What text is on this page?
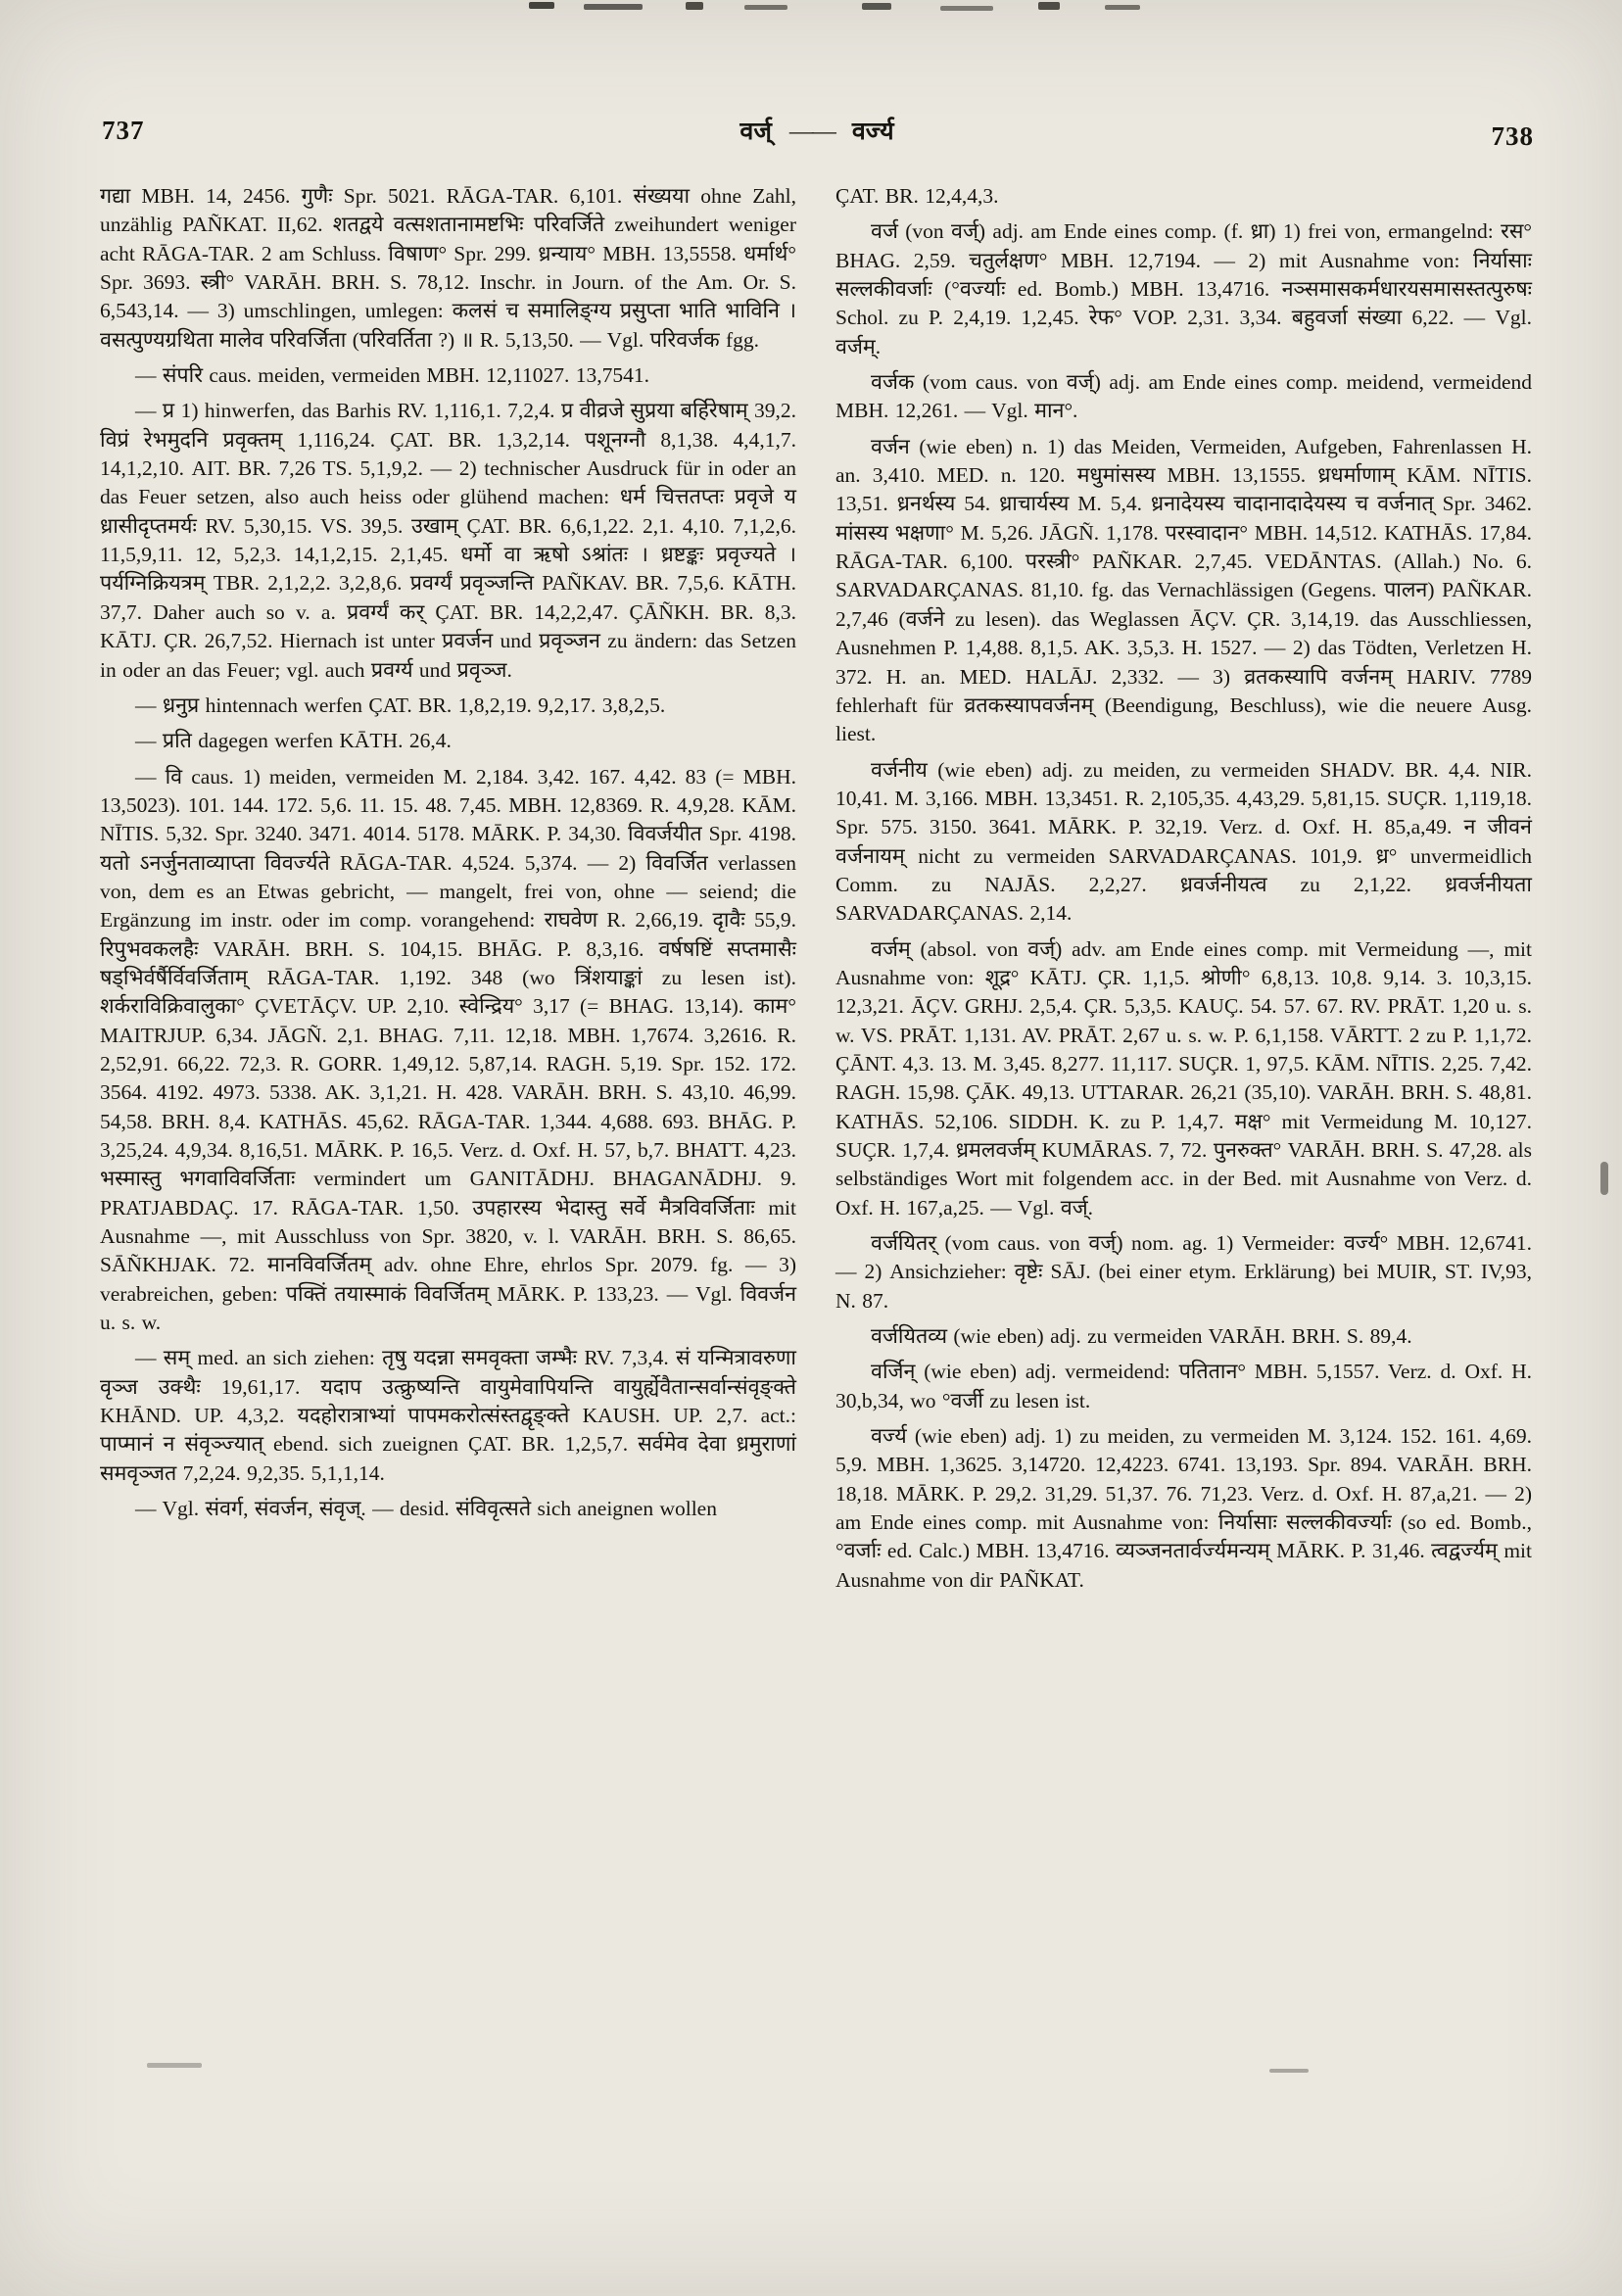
737	वर्ज् —— वर्ज्य	738

गद्या MBH. 14, 2456. गुणैः Spr. 5021. RĀGA-TAR. 6,101. संख्यया ohne Zahl, unzählig PAÑKAT. II,62. शतद्वये वत्सशतानामष्टभिः परिवर्जिते zweihundert weniger acht RĀGA-TAR. 2 am Schluss. विषाण° Spr. 299. ध्रन्याय° MBH. 13,5558. धर्मार्थ° Spr. 3693. स्त्री° VARĀH. BRH. S. 78,12. Inschr. in Journ. of the Am. Or. S. 6,543,14. — 3) umschlingen, umlegen: कलसं च समालिङ्ग्य प्रसुप्ता भाति भाविनि । वसत्पुण्यग्रथिता मालेव परिवर्जिता (परिवर्तिता ?) ॥ R. 5,13,50. — Vgl. परिवर्जक fgg.

— संपरि caus. meiden, vermeiden MBH. 12,11027. 13,7541.

— प्र 1) hinwerfen, das Barhis RV. 1,116,1. 7,2,4. प्र वीव्रजे सुप्रया बर्हिरेषाम् 39,2. विप्रं रेभमुदनि प्रवृक्तम् 1,116,24. ÇAT. BR. 1,3,2,14. पशूनग्नौ 8,1,38. 4,4,1,7. 14,1,2,10. AIT. BR. 7,26 TS. 5,1,9,2. — 2) technischer Ausdruck für in oder an das Feuer setzen, also auch heiss oder glühend machen: धर्म चित्ततप्तः प्रवृजे य ध्रासीदृप्तमर्यः RV. 5,30,15. VS. 39,5. उखाम् ÇAT. BR. 6,6,1,22. 2,1. 4,10. 7,1,2,6. 11,5,9,11. 12, 5,2,3. 14,1,2,15. 2,1,45. धर्मो वा ऋषो ऽश्रांतः । ध्रष्टङ्कः प्रवृज्यते । पर्यग्निक्रियत्रम् TBR. 2,1,2,2. 3,2,8,6. प्रवर्ग्यं प्रवृञ्जन्ति PAÑKAV. BR. 7,5,6. KĀTH. 37,7. Daher auch so v. a. प्रवर्ग्यं कर् ÇAT. BR. 14,2,2,47. ÇĀÑKH. BR. 8,3. KĀTJ. ÇR. 26,7,52. Hiernach ist unter प्रवर्जन und प्रवृञ्जन zu ändern: das Setzen in oder an das Feuer; vgl. auch प्रवर्ग्य und प्रवृञ्ज.

— ध्रनुप्र hintennach werfen ÇAT. BR. 1,8,2,19. 9,2,17. 3,8,2,5.

— प्रति dagegen werfen KĀTH. 26,4.

— वि caus. 1) meiden, vermeiden M. 2,184. 3,42. 167. 4,42. 83 (= MBH. 13,5023). 101. 144. 172. 5,6. 11. 15. 48. 7,45. MBH. 12,8369. R. 4,9,28. KĀM. NĪTIS. 5,32. Spr. 3240. 3471. 4014. 5178. MĀRK. P. 34,30. विवर्जयीत Spr. 4198. यतो ऽनर्जुनताव्याप्ता विवर्ज्यते RĀGA-TAR. 4,524. 5,374. — 2) विवर्जित verlassen von, dem es an Etwas gebricht, — mangelt, frei von, ohne — seiend; die Ergänzung im instr. oder im comp. vorangehend: राघवेण R. 2,66,19. दृावैः 55,9. रिपुभवकलहैः VARĀH. BRH. S. 104,15. BHĀG. P. 8,3,16. वर्षषष्टिं सप्तमासैः षड्भिर्वर्षैर्विवर्जिताम् RĀGA-TAR. 1,192. 348 (wo त्रिंशयाङ्कां zu lesen ist). शर्कराविक्रिवालुका° ÇVETĀÇV. UP. 2,10. स्वेन्द्रिय° 3,17 (= BHAG. 13,14). काम° MAITRJUP. 6,34. JĀGÑ. 2,1. BHAG. 7,11. 12,18. MBH. 1,7674. 3,2616. R. 2,52,91. 66,22. 72,3. R. GORR. 1,49,12. 5,87,14. RAGH. 5,19. Spr. 152. 172. 3564. 4192. 4973. 5338. AK. 3,1,21. H. 428. VARĀH. BRH. S. 43,10. 46,99. 54,58. BRH. 8,4. KATHĀS. 45,62. RĀGA-TAR. 1,344. 4,688. 693. BHĀG. P. 3,25,24. 4,9,34. 8,16,51. MĀRK. P. 16,5. Verz. d. Oxf. H. 57, b,7. BHATT. 4,23. भस्मास्तु भगवाविवर्जिताः vermindert um GANITĀDHJ. BHAGANĀDHJ. 9. PRATJABDAÇ. 17. RĀGA-TAR. 1,50. उपहारस्य भेदास्तु सर्वे मैत्रविवर्जिताः mit Ausnahme —, mit Ausschluss von Spr. 3820, v. l. VARĀH. BRH. S. 86,65. SĀÑKHJAK. 72. मानविवर्जितम् adv. ohne Ehre, ehrlos Spr. 2079. fg. — 3) verabreichen, geben: पक्तिं तयास्माकं विवर्जितम् MĀRK. P. 133,23. — Vgl. विवर्जन u. s. w.

— सम् med. an sich ziehen: तृषु यदन्ना समवृक्ता जम्भैः RV. 7,3,4. सं यन्मित्रावरुणा वृञ्ज उक्थैः 19,61,17. यदाप उत्क्रुष्यन्ति वायुमेवापियन्ति वायुर्ह्येवैतान्सर्वान्संवृङ्क्ते KHĀND. UP. 4,3,2. यदहोरात्राभ्यां पापमकरोत्संस्तद्वृङ्क्ते KAUSH. UP. 2,7. act.: पाप्मानं न संवृञ्ज्यात् ebend. sich zueignen ÇAT. BR. 1,2,5,7. सर्वमेव देवा ध्रमुराणां समवृञ्जत 7,2,24. 9,2,35. 5,1,1,14.

— Vgl. संवर्ग, संवर्जन, संवृज्. — desid. संविवृत्सते sich aneignen wollen

ÇAT. BR. 12,4,4,3.

वर्ज (von वर्ज्) adj. am Ende eines comp. (f. ध्रा) 1) frei von, ermangelnd: रस° BHAG. 2,59. चतुर्लक्षण° MBH. 12,7194. — 2) mit Ausnahme von: निर्यासाः सल्लकीवर्जाः (°वर्ज्याः ed. Bomb.) MBH. 13,4716. नञ्समासकर्मधारयसमासस्तत्पुरुषः Schol. zu P. 2,4,19. 1,2,45. रेफ° VOP. 2,31. 3,34. बहुवर्जा संख्या 6,22. — Vgl. वर्जम्.

वर्जक (vom caus. von वर्ज्) adj. am Ende eines comp. meidend, vermeidend MBH. 12,261. — Vgl. मान°.

वर्जन (wie eben) n. 1) das Meiden, Vermeiden, Aufgeben, Fahrenlassen H. an. 3,410. MED. n. 120. मधुमांसस्य MBH. 13,1555. ध्रधर्माणाम् KĀM. NĪTIS. 13,51. ध्रनर्थस्य 54. ध्राचार्यस्य M. 5,4. ध्रनादेयस्य चादानादादेयस्य च वर्जनात् Spr. 3462. मांसस्य भक्षणा° M. 5,26. JĀGÑ. 1,178. परस्वादान° MBH. 14,512. KATHĀS. 17,84. RĀGA-TAR. 6,100. परस्त्री° PAÑKAR. 2,7,45. VEDĀNTAS. (Allah.) No. 6. SARVADARÇANAS. 81,10. fg. das Vernachlässigen (Gegens. पालन) PAÑKAR. 2,7,46 (वर्जने zu lesen). das Weglassen ĀÇV. ÇR. 3,14,19. das Ausschliessen, Ausnehmen P. 1,4,88. 8,1,5. AK. 3,5,3. H. 1527. — 2) das Tödten, Verletzen H. 372. H. an. MED. HALĀJ. 2,332. — 3) व्रतकस्यापि वर्जनम् HARIV. 7789 fehlerhaft für व्रतकस्यापवर्जनम् (Beendigung, Beschluss), wie die neuere Ausg. liest.

वर्जनीय (wie eben) adj. zu meiden, zu vermeiden SHADV. BR. 4,4. NIR. 10,41. M. 3,166. MBH. 13,3451. R. 2,105,35. 4,43,29. 5,81,15. SUÇR. 1,119,18. Spr. 575. 3150. 3641. MĀRK. P. 32,19. Verz. d. Oxf. H. 85,a,49. न जीवनं वर्जनायम् nicht zu vermeiden SARVADARÇANAS. 101,9. ध्र° unvermeidlich Comm. zu NAJĀS. 2,2,27. ध्रवर्जनीयत्व zu 2,1,22. ध्रवर्जनीयता SARVADARÇANAS. 2,14.

वर्जम् (absol. von वर्ज्) adv. am Ende eines comp. mit Vermeidung —, mit Ausnahme von: शूद्र° KĀTJ. ÇR. 1,1,5. श्रोणी° 6,8,13. 10,8. 9,14. 3. 10,3,15. 12,3,21. ĀÇV. GRHJ. 2,5,4. ÇR. 5,3,5. KAUÇ. 54. 57. 67. RV. PRĀT. 1,20 u. s. w. VS. PRĀT. 1,131. AV. PRĀT. 2,67 u. s. w. P. 6,1,158. VĀRTT. 2 zu P. 1,1,72. ÇĀNT. 4,3. 13. M. 3,45. 8,277. 11,117. SUÇR. 1, 97,5. KĀM. NĪTIS. 2,25. 7,42. RAGH. 15,98. ÇĀK. 49,13. UTTARAR. 26,21 (35,10). VARĀH. BRH. S. 48,81. KATHĀS. 52,106. SIDDH. K. zu P. 1,4,7. मक्ष° mit Vermeidung M. 10,127. SUÇR. 1,7,4. ध्रमलवर्जम् KUMĀRAS. 7, 72. पुनरुक्त° VARĀH. BRH. S. 47,28. als selbständiges Wort mit folgendem acc. in der Bed. mit Ausnahme von Verz. d. Oxf. H. 167,a,25. — Vgl. वर्ज्.

वर्जयितर् (vom caus. von वर्ज्) nom. ag. 1) Vermeider: वर्ज्य° MBH. 12,6741. — 2) Ansichzieher: वृष्टेः SĀJ. (bei einer etym. Erklärung) bei MUIR, ST. IV,93, N. 87.

वर्जयितव्य (wie eben) adj. zu vermeiden VARĀH. BRH. S. 89,4.

वर्जिन् (wie eben) adj. vermeidend: पतितान° MBH. 5,1557. Verz. d. Oxf. H. 30,b,34, wo °वर्जी zu lesen ist.

वर्ज्य (wie eben) adj. 1) zu meiden, zu vermeiden M. 3,124. 152. 161. 4,69. 5,9. MBH. 1,3625. 3,14720. 12,4223. 6741. 13,193. Spr. 894. VARĀH. BRH. 18,18. MĀRK. P. 29,2. 31,29. 51,37. 76. 71,23. Verz. d. Oxf. H. 87,a,21. — 2) am Ende eines comp. mit Ausnahme von: निर्यासाः सल्लकीवर्ज्याः (so ed. Bomb., °वर्जाः ed. Calc.) MBH. 13,4716. व्यञ्जनतार्वर्ज्यमन्यम् MĀRK. P. 31,46. त्वद्वर्ज्यम् mit Ausnahme von dir PAÑKAT.
